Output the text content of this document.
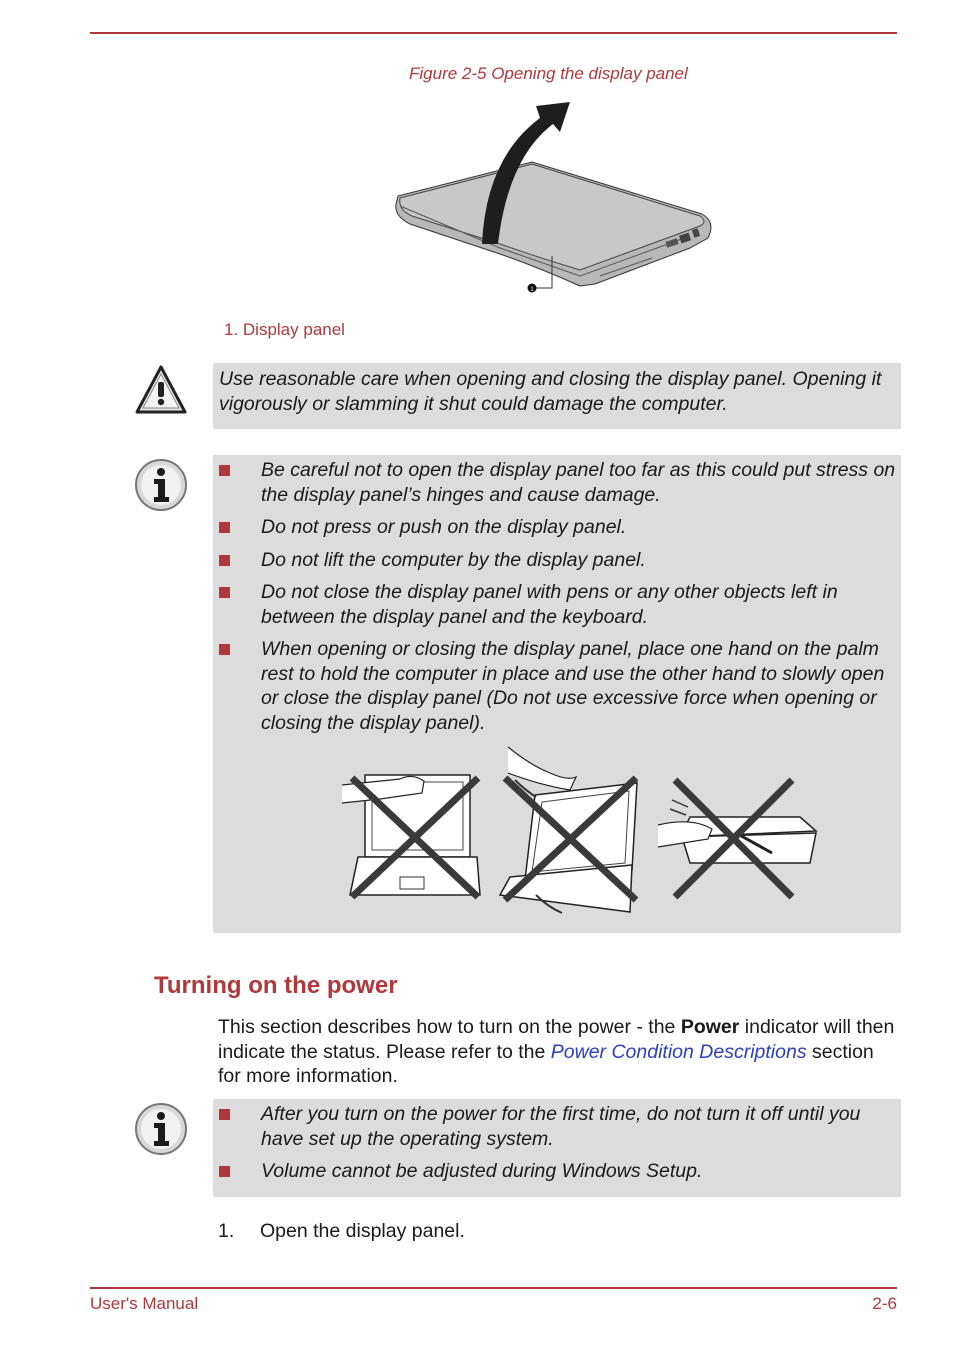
Figure 2-5 Opening the display panel
1
1. Display panel
Use reasonable care when opening and closing the display panel. Opening it vigorously or slamming it shut could damage the computer.
Be careful not to open the display panel too far as this could put stress on the display panel’s hinges and cause damage.
Do not press or push on the display panel.
Do not lift the computer by the display panel.
Do not close the display panel with pens or any other objects left in between the display panel and the keyboard.
When opening or closing the display panel, place one hand on the palm rest to hold the computer in place and use the other hand to slowly open or close the display panel (Do not use excessive force when opening or closing the display panel).
Turning on the power
This section describes how to turn on the power - the Power indicator will then indicate the status. Please refer to the Power Condition Descriptions section for more information.
After you turn on the power for the first time, do not turn it off until you have set up the operating system.
Volume cannot be adjusted during Windows Setup.
1. Open the display panel.
User's Manual	2-6
